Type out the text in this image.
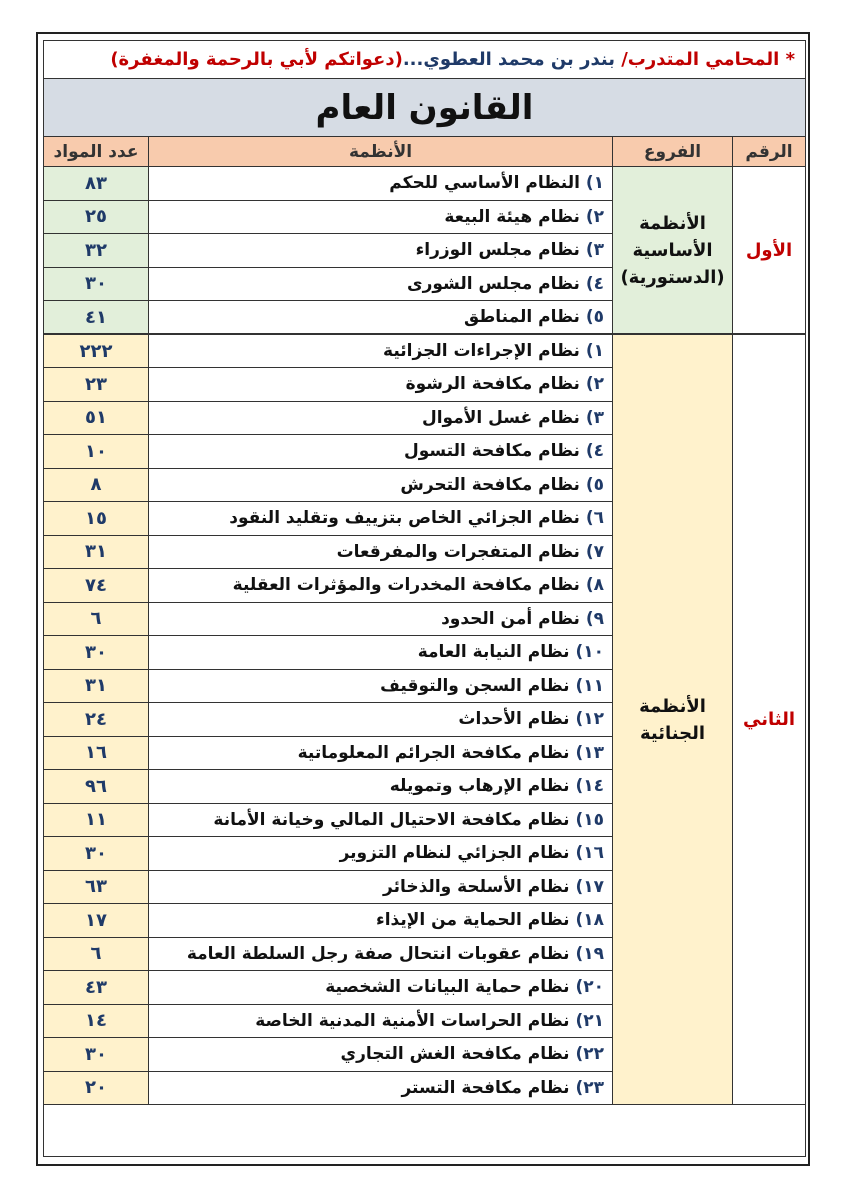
* المحامي المتدرب/ بندر بن محمد العطوي...(دعواتكم لأبي بالرحمة والمغفرة)			
القانون العام			
الرقم	الفروع	الأنظمة	عدد المواد
الأول	الأنظمة الأساسية (الدستورية)	١) النظام الأساسي للحكم	٨٣
		٢) نظام هيئة البيعة	٢٥
		٣) نظام مجلس الوزراء	٣٢
		٤) نظام مجلس الشورى	٣٠
		٥) نظام المناطق	٤١
الثاني	الأنظمة الجنائية	١) نظام الإجراءات الجزائية	٢٢٢
		٢) نظام مكافحة الرشوة	٢٣
		٣) نظام غسل الأموال	٥١
		٤) نظام مكافحة التسول	١٠
		٥) نظام مكافحة التحرش	٨
		٦) نظام الجزائي الخاص بتزييف وتقليد النقود	١٥
		٧) نظام المتفجرات والمفرقعات	٣١
		٨) نظام مكافحة المخدرات والمؤثرات العقلية	٧٤
		٩) نظام أمن الحدود	٦
		١٠) نظام النيابة العامة	٣٠
		١١) نظام السجن والتوقيف	٣١
		١٢) نظام الأحداث	٢٤
		١٣) نظام مكافحة الجرائم المعلوماتية	١٦
		١٤) نظام الإرهاب وتمويله	٩٦
		١٥) نظام مكافحة الاحتيال المالي وخيانة الأمانة	١١
		١٦) نظام الجزائي لنظام التزوير	٣٠
		١٧) نظام الأسلحة والذخائر	٦٣
		١٨) نظام الحماية من الإيذاء	١٧
		١٩) نظام عقوبات انتحال صفة رجل السلطة العامة	٦
		٢٠) نظام حماية البيانات الشخصية	٤٣
		٢١) نظام الحراسات الأمنية المدنية الخاصة	١٤
		٢٢) نظام مكافحة الغش التجاري	٣٠
		٢٣) نظام مكافحة التستر	٢٠
